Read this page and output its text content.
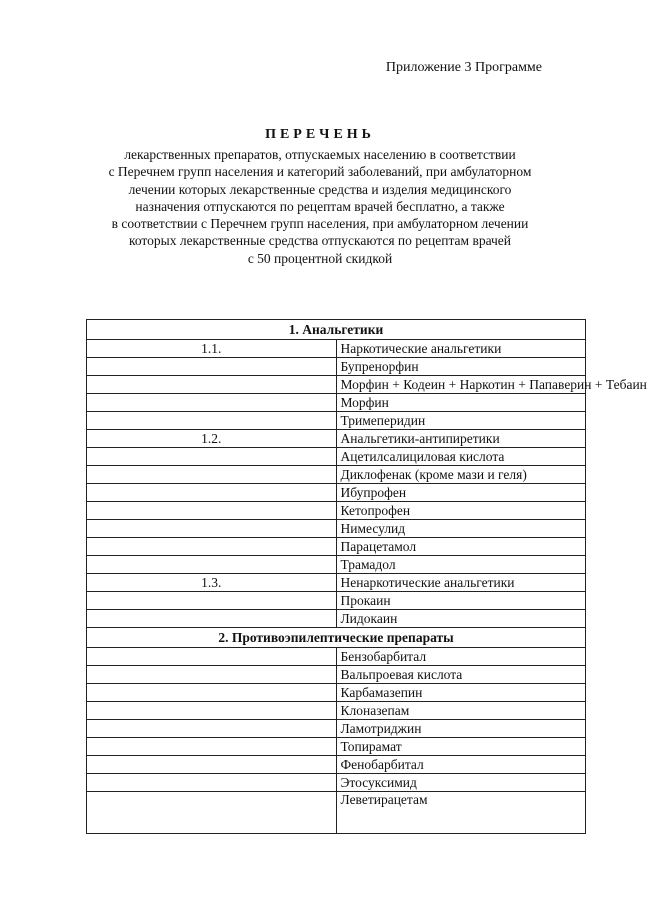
Приложение 3 Программе
ПЕРЕЧЕНЬ
лекарственных препаратов, отпускаемых населению в соответствии
с Перечнем групп населения и категорий заболеваний, при амбулаторном
лечении которых лекарственные средства и изделия медицинского
назначения отпускаются по рецептам врачей бесплатно, а также
в соответствии с Перечнем групп населения, при амбулаторном лечении
которых лекарственные средства отпускаются по рецептам врачей
с 50 процентной скидкой
1. Анальгетики	
1.1.	Наркотические анальгетики
	Бупренорфин
	Морфин + Кодеин + Наркотин + Папаверин + Тебаин
	Морфин
	Тримеперидин
1.2.	Анальгетики-антипиретики
	Ацетилсалициловая кислота
	Диклофенак (кроме мази и геля)
	Ибупрофен
	Кетопрофен
	Нимесулид
	Парацетамол
	Трамадол
1.3.	Ненаркотические анальгетики
	Прокаин
	Лидокаин
2. Противоэпилептические препараты	
	Бензобарбитал
	Вальпроевая кислота
	Карбамазепин
	Клоназепам
	Ламотриджин
	Топирамат
	Фенобарбитал
	Этосуксимид
	Леветирацетам
